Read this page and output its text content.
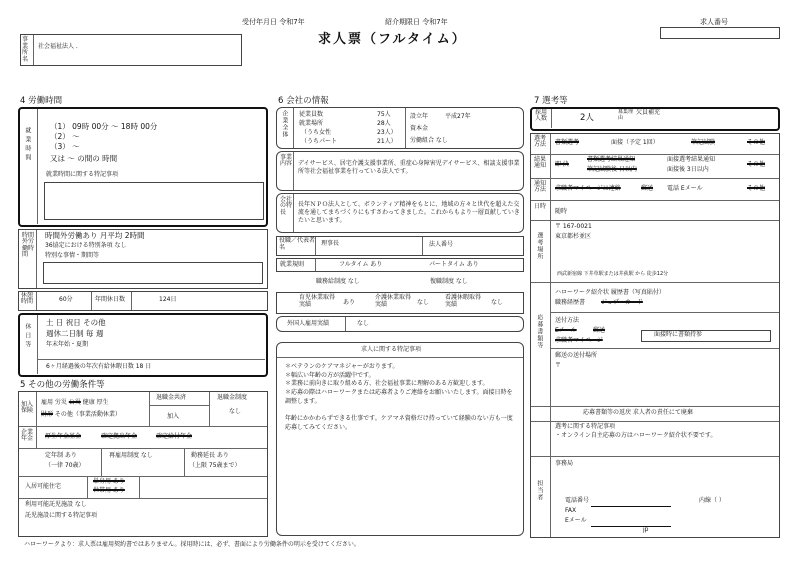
受付年月日 令和7年	紹介期限日 令和7年	求人番号
求人票（フルタイム）
事業所名
社会福祉法人 .
4 労働時間
就業時間
（1） 09時 00分 〜 18時 00分
（2） 〜
（3） 〜
又は 〜 の間の 時間
就業時間に関する特記事項
時間外労働時間
時間外労働あり 月平均 2時間
36協定における特別条項 なし
特別な事情・期間等
休憩時間	60分	年間休日数	124日
休日等
土 日 祝日 その他
週休二日制 毎 週
年末年始・夏期
6ヶ月経過後の年次有給休暇日数 18 日
5 その他の労働条件等
加入保険
雇用 労災 公災 健康 厚生
財形 その他（事業活動休業）
退職金共済
加入
退職金制度
なし
企業年金	厚生年金基金	確定拠出年金	確定給付年金
定年制 あり
（一律 70歳）
再雇用制度 なし	勤務延長 あり
（上限 75歳まで）
入居可能住宅
単身用 あり
世帯用 あり
利用可能託児施設 なし
託児施設に関する特記事項
6 会社の情報
企業全体 従業員数	75人
就業場所	28人
（うち女性	23人）
（うちパート	21人）
設立年	平成27年
資本金
労働組合 なし
事業内容 デイサービス、居宅介護支援事業所、重症心身障害児デイサービス、相談支援事業所等社会福祉事業を行っている法人です。
会社の特長
長年ＮＰＯ法人として、ボランティア精神をもとに、地域の方々と世代を超えた交流を通してまちづくりにもすさわってきました。これからもより一層貢献していきたいと思います。
役職／代表者名
理事長	法人番号
就業規則	フルタイム あり	パートタイム あり
職務給制度 なし	復職制度 なし
育児休業取得実績	あり
介護休業取得実績	なし
看護休暇取得実績	なし
外国人雇用実績	なし
求人に関する特記事項
＊ベテランのケアマネジャーがおります。
＊幅広い年齢の方が活躍中です。
＊業務に前向きに取り組める方、社会福祉事業に理解のある方歓迎します。
＊応募の際はハローワークまたは応募者よりご連絡をお願いいたします。面接日時を調整します。
年齢にかかわらずできる仕事です。ケアマネ資格だけ持っていて経験のない方も一度応募してみてください。
7 選考等
採用人数	2人
募集理由
欠員補充
選考方法	書類選考	面接（予定 1回）	筆記試験	その他
結果通知	即 決
書類選考結果通知
筆記試験後 日以内
面接選考結果通知
面接後 3日以内
その他
通知方法	求職者マイページに連絡	郵送 電話 Eメール	その他
日時
随時
選考場所
〒 167-0021
東京都杉並区
西武新宿線 下井草駅または井荻駅 から 徒歩12分
応募書類等
ハローワーク紹介状 履歴書（写真貼付）
職務経歴書	ジョブ・カード
送付方法
Eメール	郵送
求職者マイページ
面接時に書類持参
郵送の送付場所
〒
応募書類等の返戻 求人者の責任にて廃棄
選考に関する特記事項
・オンライン自主応募の方はハローワーク紹介状不要です。
担当者
事務局
電話番号	内線（ ）
FAX
Eメール
jp
ハローワークより：求人票は雇用契約書ではありません。採用時には、必ず、書面により労働条件の明示を受けてください。
